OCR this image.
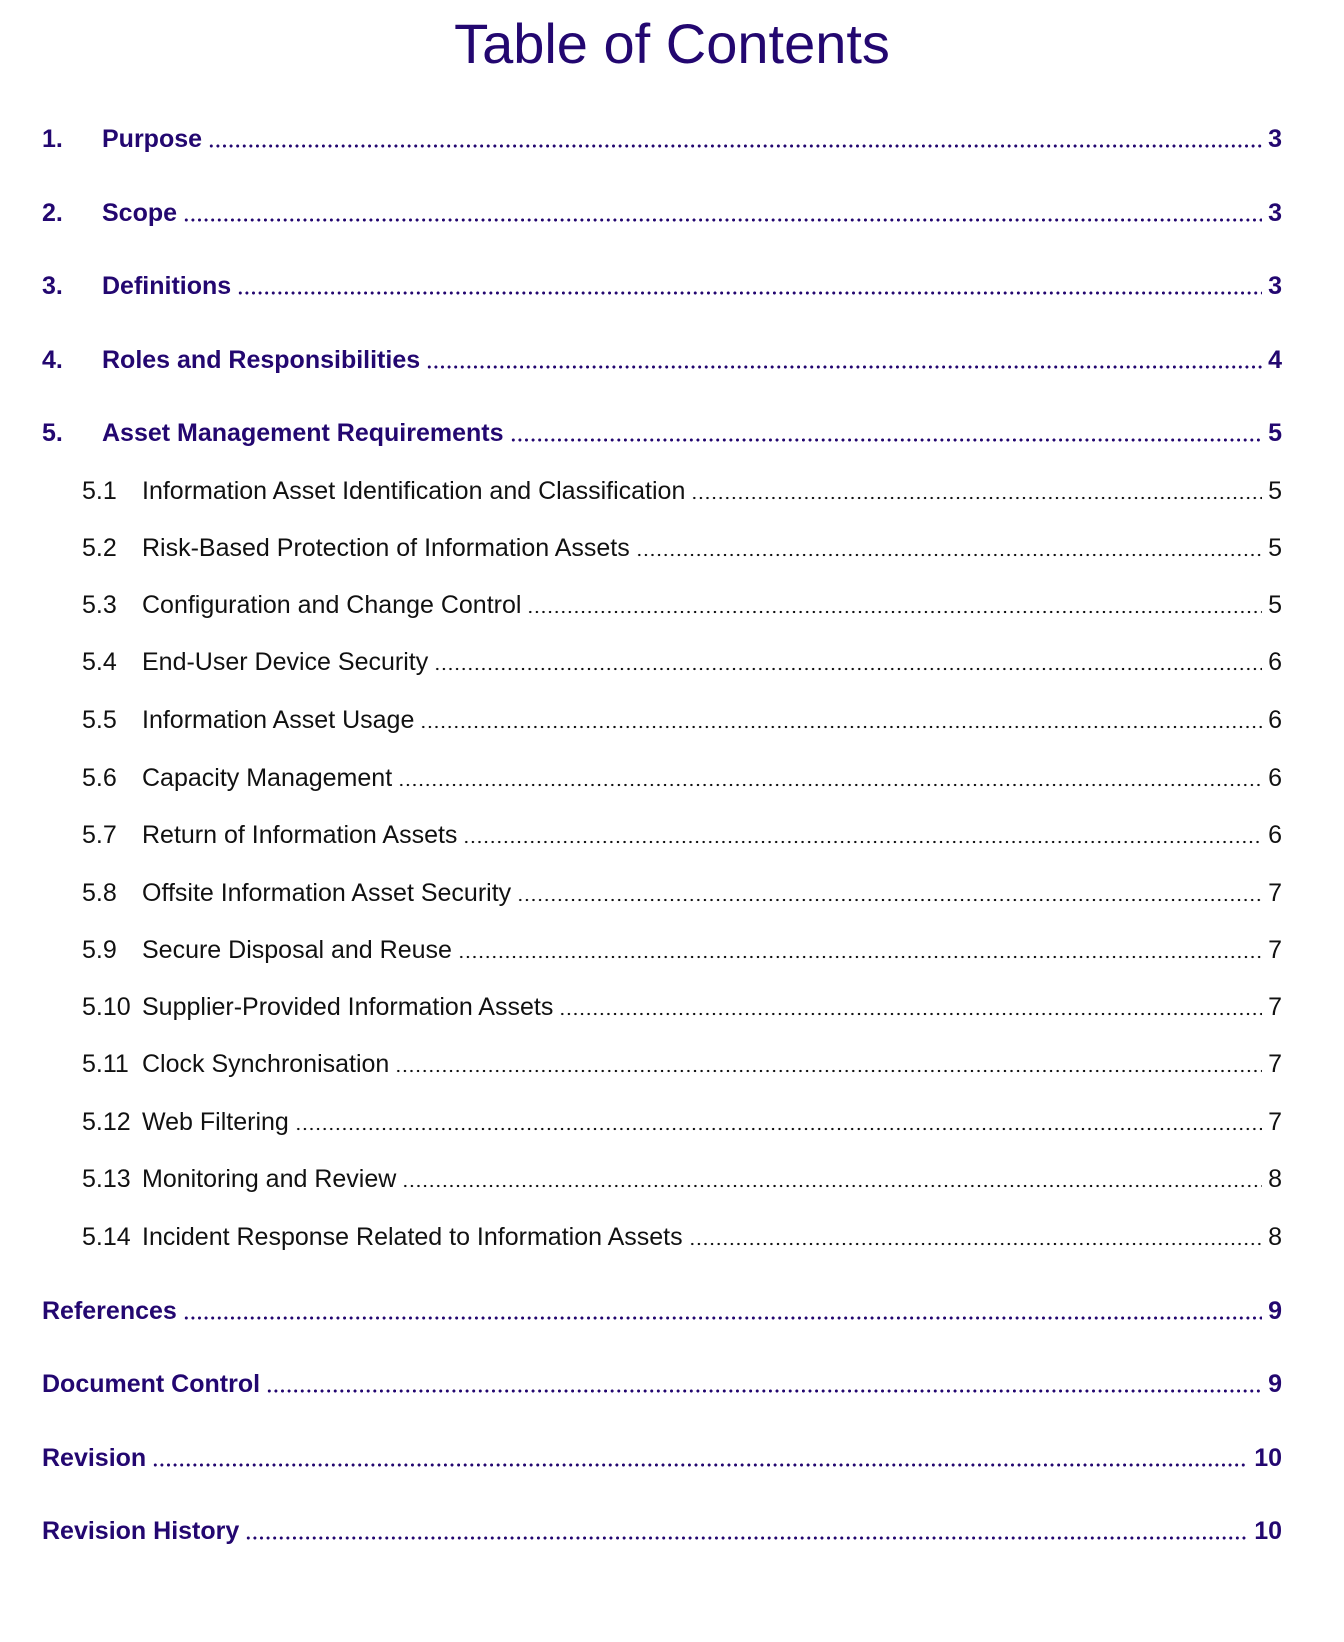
Table of Contents
1.	Purpose	3
2.	Scope	3
3.	Definitions	3
4.	Roles and Responsibilities	4
5.	Asset Management Requirements	5
5.1	Information Asset Identification and Classification	5
5.2	Risk-Based Protection of Information Assets	5
5.3	Configuration and Change Control	5
5.4	End-User Device Security	6
5.5	Information Asset Usage	6
5.6	Capacity Management	6
5.7	Return of Information Assets	6
5.8	Offsite Information Asset Security	7
5.9	Secure Disposal and Reuse	7
5.10 Supplier-Provided Information Assets	7
5.11 Clock Synchronisation	7
5.12 Web Filtering	7
5.13 Monitoring and Review	8
5.14 Incident Response Related to Information Assets	8
References	9
Document Control	9
Revision	10
Revision History	10
